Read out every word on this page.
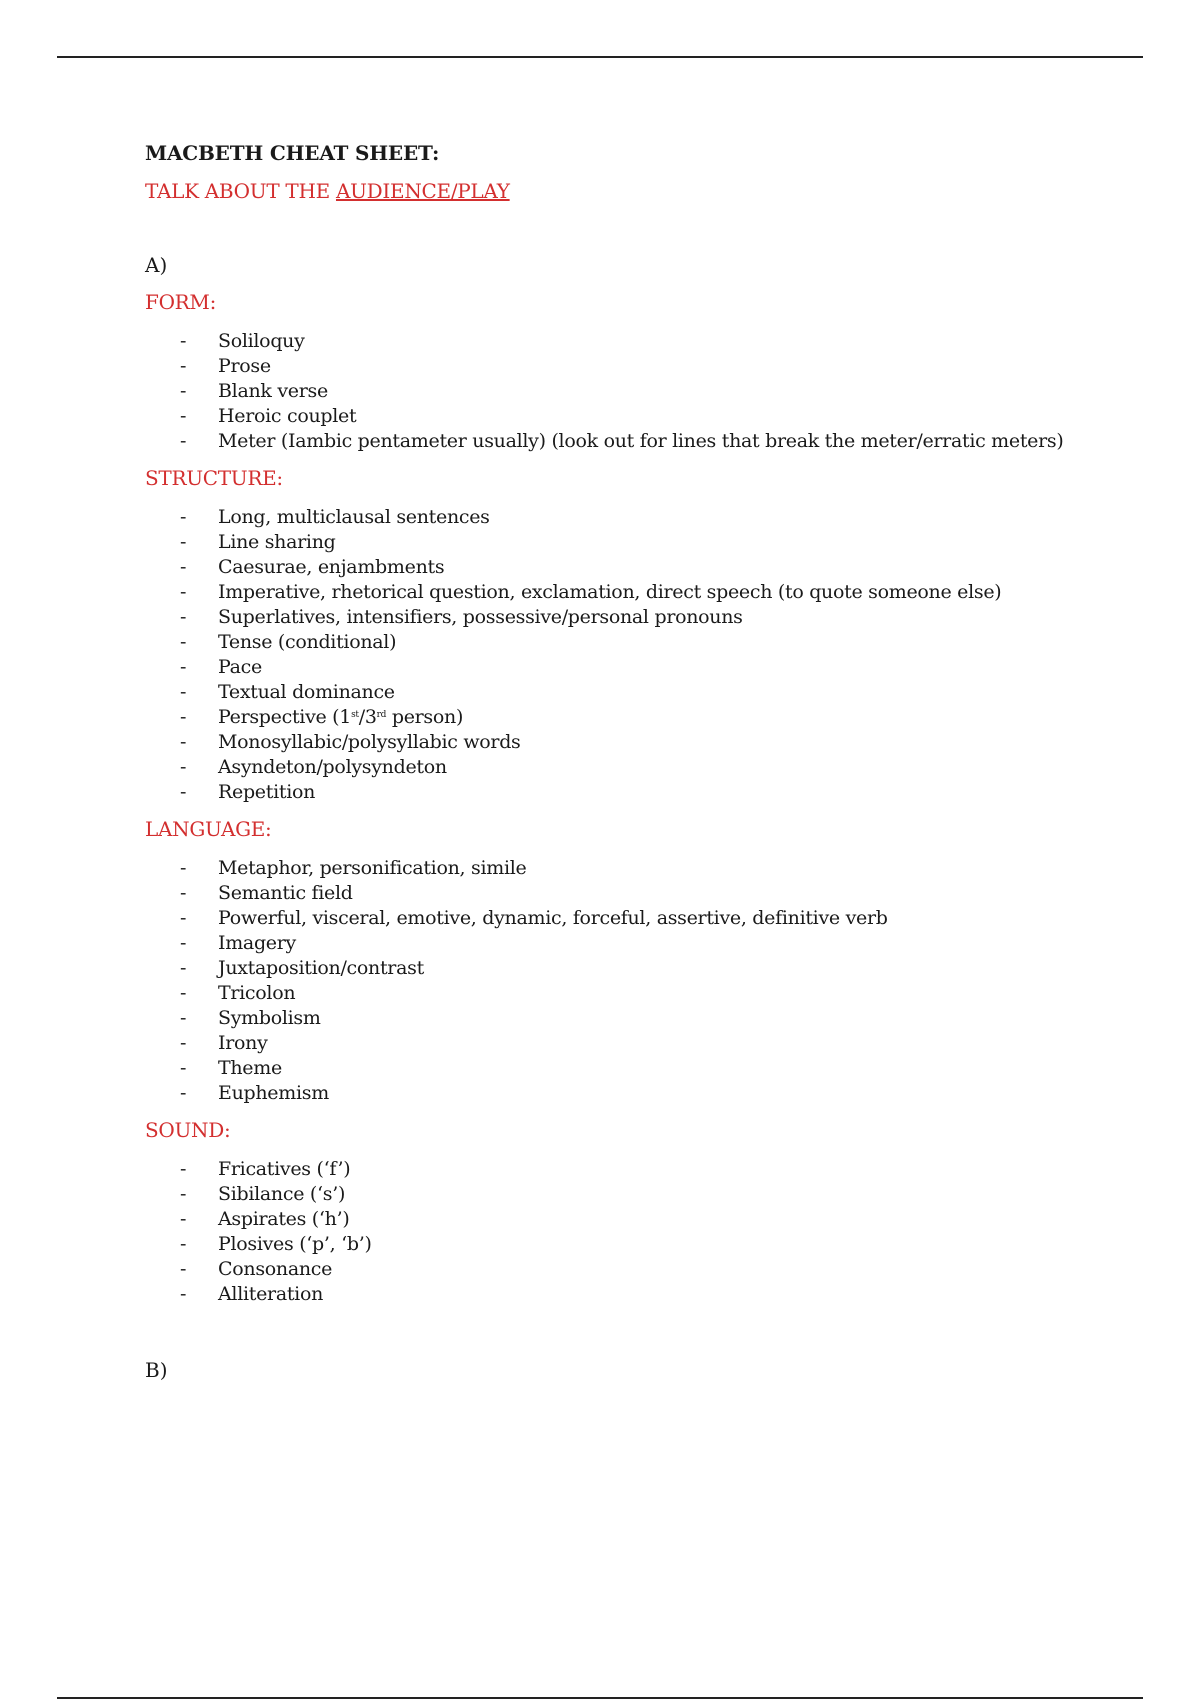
MACBETH CHEAT SHEET:
TALK ABOUT THE AUDIENCE/PLAY
A)
FORM:
- Soliloquy
- Prose
- Blank verse
- Heroic couplet
- Meter (Iambic pentameter usually) (look out for lines that break the meter/erratic meters)
STRUCTURE:
- Long, multiclausal sentences
- Line sharing
- Caesurae, enjambments
- Imperative, rhetorical question, exclamation, direct speech (to quote someone else)
- Superlatives, intensifiers, possessive/personal pronouns
- Tense (conditional)
- Pace
- Textual dominance
- Perspective (1st/3rd person)
- Monosyllabic/polysyllabic words
- Asyndeton/polysyndeton
- Repetition
LANGUAGE:
- Metaphor, personification, simile
- Semantic field
- Powerful, visceral, emotive, dynamic, forceful, assertive, definitive verb
- Imagery
- Juxtaposition/contrast
- Tricolon
- Symbolism
- Irony
- Theme
- Euphemism
SOUND:
- Fricatives (‘f’)
- Sibilance (‘s’)
- Aspirates (‘h’)
- Plosives (‘p’, ‘b’)
- Consonance
- Alliteration
B)
